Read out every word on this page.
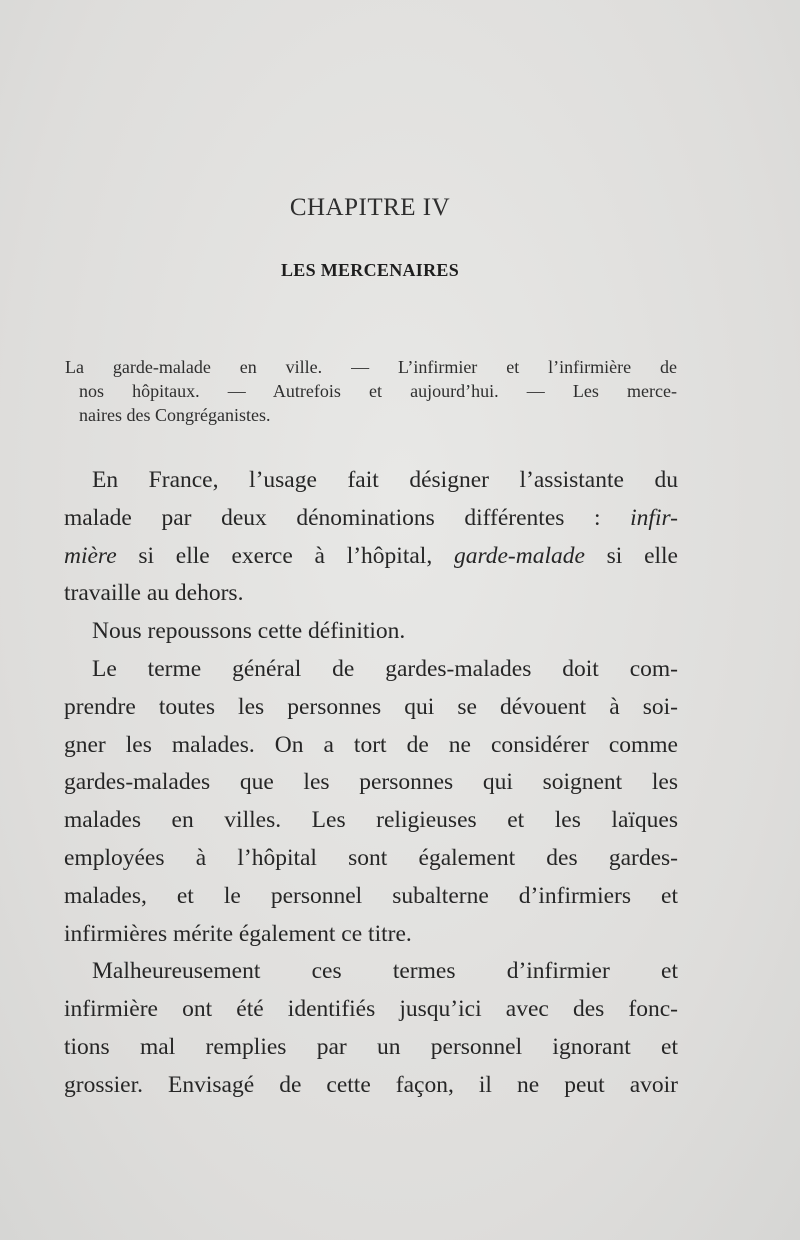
CHAPITRE IV
LES MERCENAIRES
La garde-malade en ville. — L’infirmier et l’infirmière de
nos hôpitaux. — Autrefois et aujourd’hui. — Les merce-
naires des Congréganistes.
En France, l’usage fait désigner l’assistante du
malade par deux dénominations différentes : infir-
mière si elle exerce à l’hôpital, garde-malade si elle
travaille au dehors.
Nous repoussons cette définition.
Le terme général de gardes-malades doit com-
prendre toutes les personnes qui se dévouent à soi-
gner les malades. On a tort de ne considérer comme
gardes-malades que les personnes qui soignent les
malades en villes. Les religieuses et les laïques
employées à l’hôpital sont également des gardes-
malades, et le personnel subalterne d’infirmiers et
infirmières mérite également ce titre.
Malheureusement ces termes d’infirmier et
infirmière ont été identifiés jusqu’ici avec des fonc-
tions mal remplies par un personnel ignorant et
grossier. Envisagé de cette façon, il ne peut avoir
